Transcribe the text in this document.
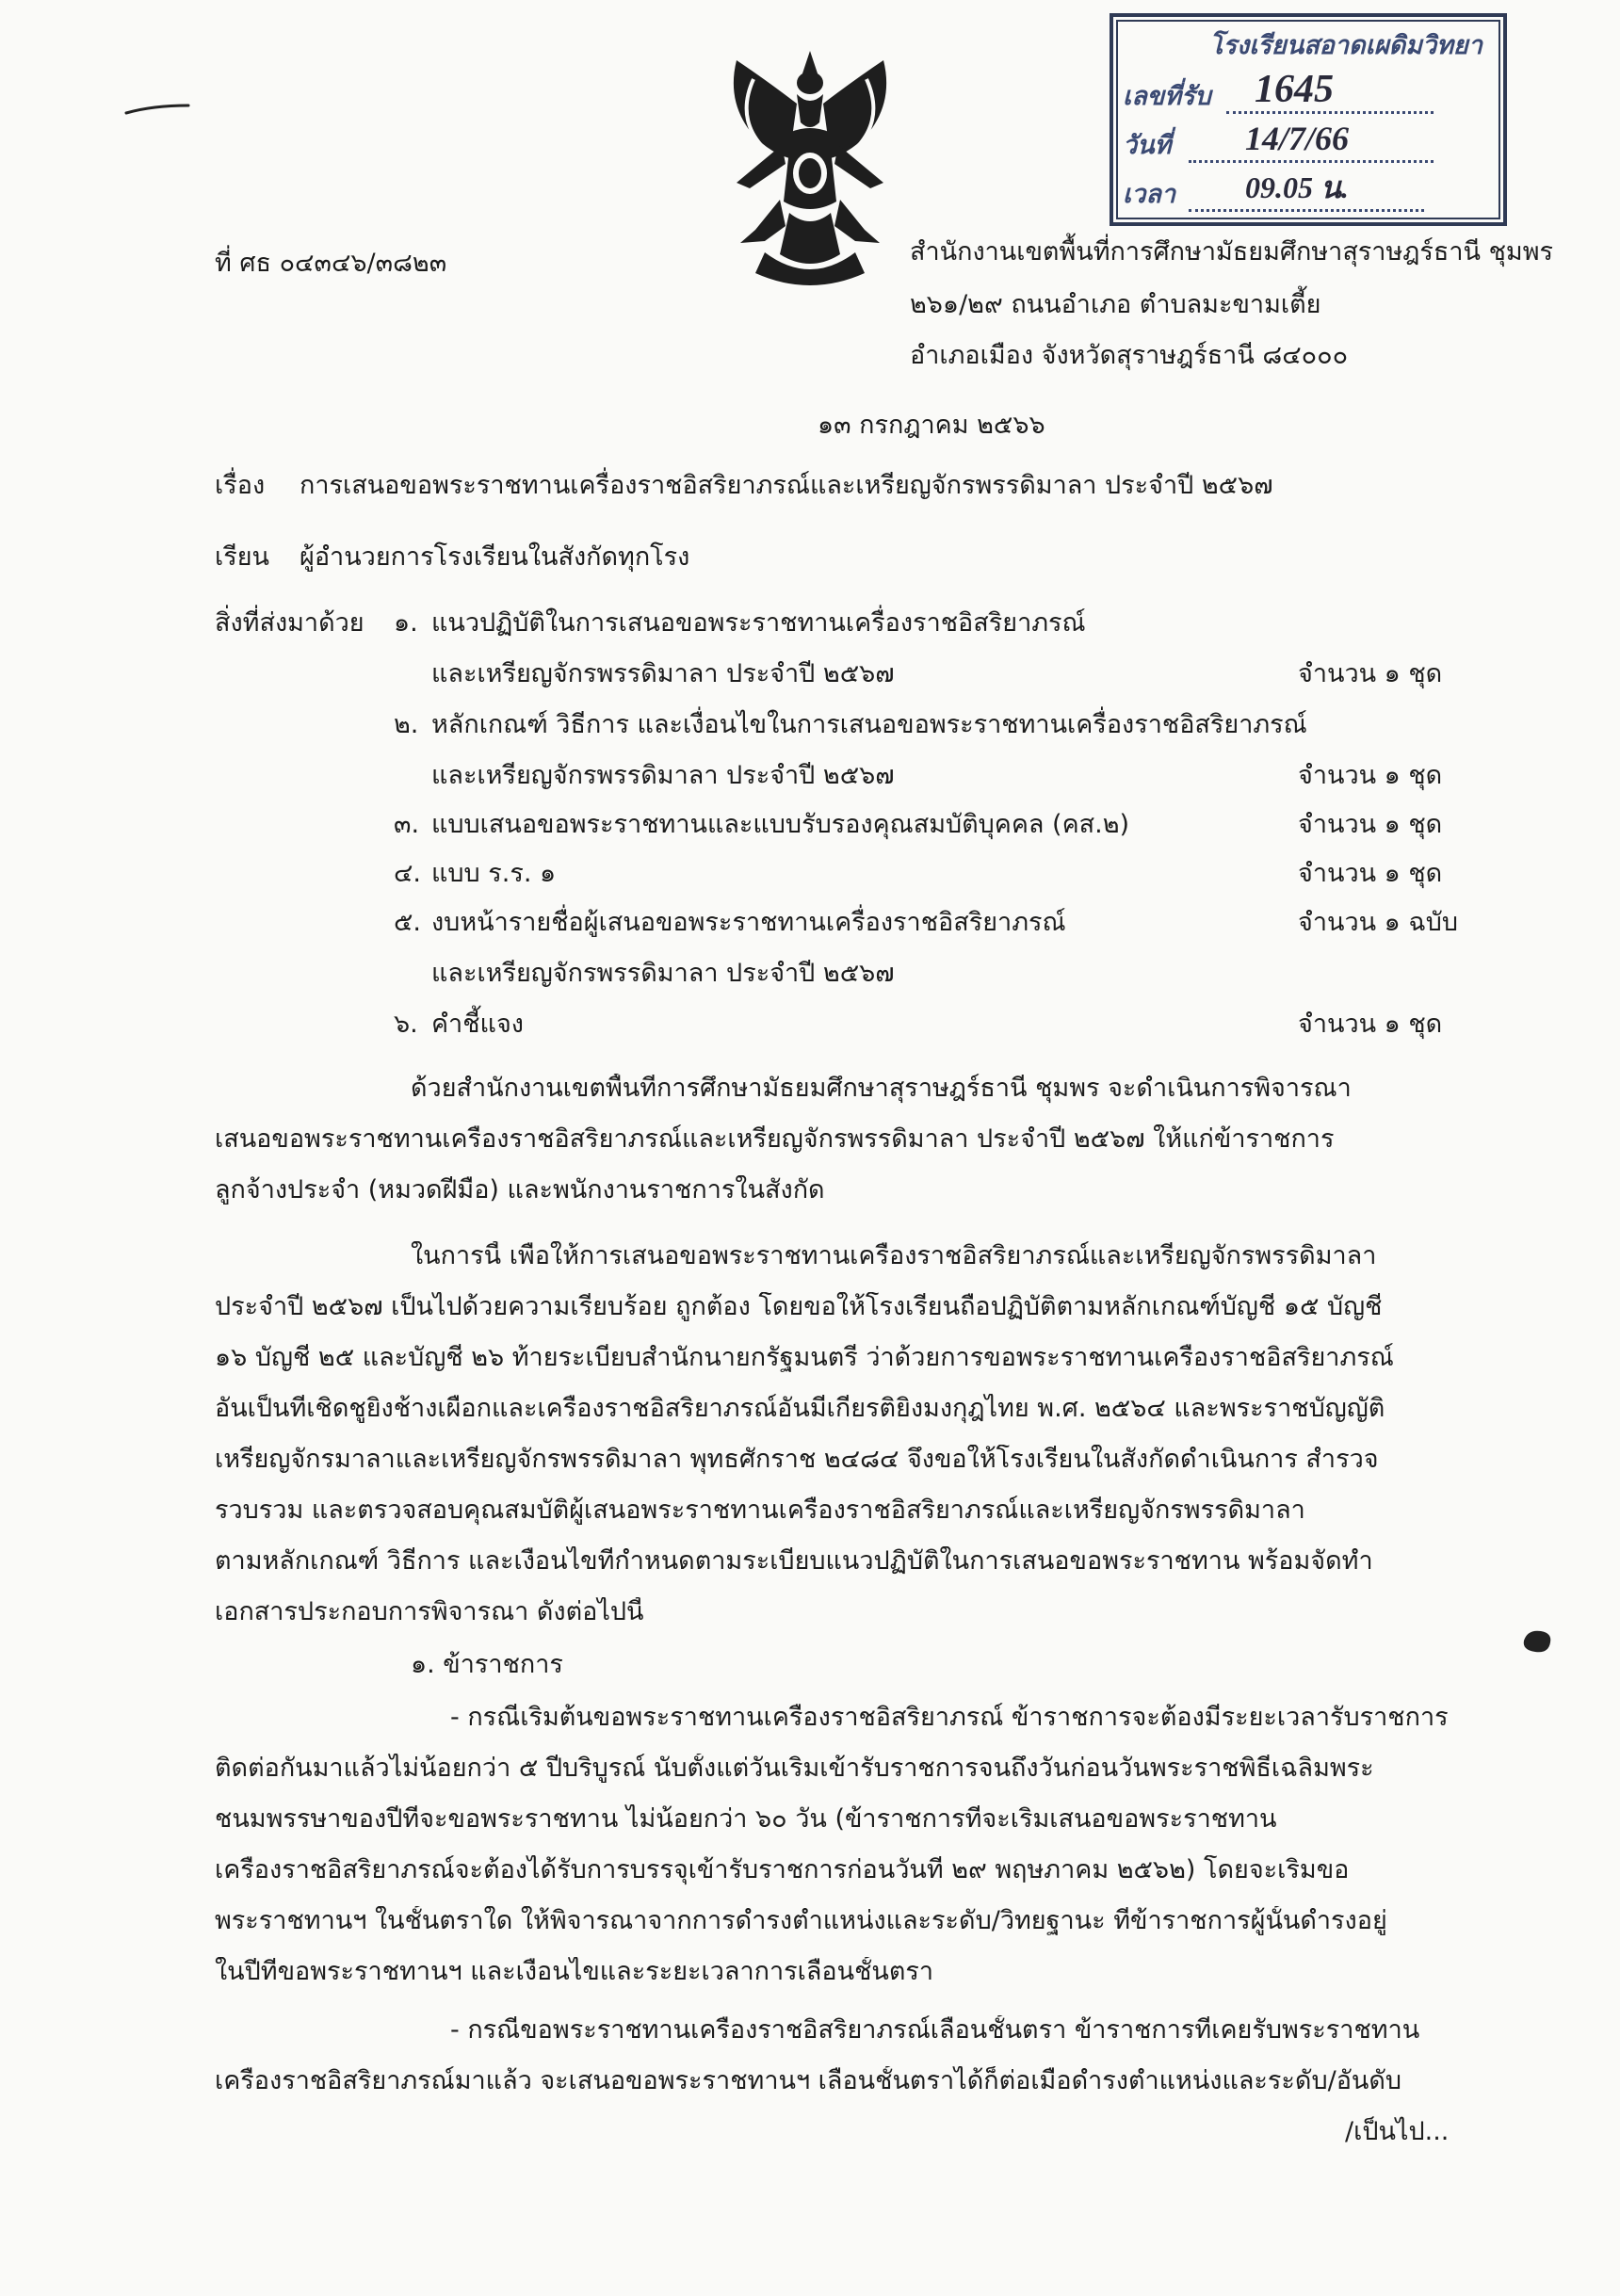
โรงเรียนสอาดเผดิมวิทยา
เลขที่รับ 1645
วันที่ 14/7/66
เวลา 09.05 น.
ที่ ศธ ๐๔๓๔๖/๓๘๒๓	สำนักงานเขตพื้นที่การศึกษามัธยมศึกษาสุราษฎร์ธานี ชุมพร
๒๖๑/๒๙ ถนนอำเภอ ตำบลมะขามเตี้ย
อำเภอเมือง จังหวัดสุราษฎร์ธานี ๘๔๐๐๐
๑๓ กรกฎาคม ๒๕๖๖
เรื่อง การเสนอขอพระราชทานเครื่องราชอิสริยาภรณ์และเหรียญจักรพรรดิมาลา ประจำปี ๒๕๖๗
เรียน ผู้อำนวยการโรงเรียนในสังกัดทุกโรง
สิ่งที่ส่งมาด้วย ๑. แนวปฏิบัติในการเสนอขอพระราชทานเครื่องราชอิสริยาภรณ์
และเหรียญจักรพรรดิมาลา ประจำปี ๒๕๖๗	จำนวน ๑ ชุด
๒. หลักเกณฑ์ วิธีการ และเงื่อนไขในการเสนอขอพระราชทานเครื่องราชอิสริยาภรณ์
และเหรียญจักรพรรดิมาลา ประจำปี ๒๕๖๗	จำนวน ๑ ชุด
๓. แบบเสนอขอพระราชทานและแบบรับรองคุณสมบัติบุคคล (คส.๒)	จำนวน ๑ ชุด
๔. แบบ ร.ร. ๑	จำนวน ๑ ชุด
๕. งบหน้ารายชื่อผู้เสนอขอพระราชทานเครื่องราชอิสริยาภรณ์	จำนวน ๑ ฉบับ
และเหรียญจักรพรรดิมาลา ประจำปี ๒๕๖๗
๖. คำชี้แจง	จำนวน ๑ ชุด
ด้วยสำนักงานเขตพื้นที่การศึกษามัธยมศึกษาสุราษฎร์ธานี ชุมพร จะดำเนินการพิจารณา
เสนอขอพระราชทานเครื่องราชอิสริยาภรณ์และเหรียญจักรพรรดิมาลา ประจำปี ๒๕๖๗ ให้แก่ข้าราชการ
ลูกจ้างประจำ (หมวดฝีมือ) และพนักงานราชการในสังกัด
ในการนี้ เพื่อให้การเสนอขอพระราชทานเครื่องราชอิสริยาภรณ์และเหรียญจักรพรรดิมาลา
ประจำปี ๒๕๖๗ เป็นไปด้วยความเรียบร้อย ถูกต้อง โดยขอให้โรงเรียนถือปฏิบัติตามหลักเกณฑ์บัญชี ๑๕ บัญชี
๑๖ บัญชี ๒๕ และบัญชี ๒๖ ท้ายระเบียบสำนักนายกรัฐมนตรี ว่าด้วยการขอพระราชทานเครื่องราชอิสริยาภรณ์
อันเป็นที่เชิดชูยิ่งช้างเผือกและเครื่องราชอิสริยาภรณ์อันมีเกียรติยิ่งมงกุฎไทย พ.ศ. ๒๕๖๔ และพระราชบัญญัติ
เหรียญจักรมาลาและเหรียญจักรพรรดิมาลา พุทธศักราช ๒๔๘๔ จึงขอให้โรงเรียนในสังกัดดำเนินการ สำรวจ
รวบรวม และตรวจสอบคุณสมบัติผู้เสนอพระราชทานเครื่องราชอิสริยาภรณ์และเหรียญจักรพรรดิมาลา
ตามหลักเกณฑ์ วิธีการ และเงื่อนไขที่กำหนดตามระเบียบแนวปฏิบัติในการเสนอขอพระราชทาน พร้อมจัดทำ
เอกสารประกอบการพิจารณา ดังต่อไปนี้
๑. ข้าราชการ
- กรณีเริ่มต้นขอพระราชทานเครื่องราชอิสริยาภรณ์ ข้าราชการจะต้องมีระยะเวลารับราชการ
ติดต่อกันมาแล้วไม่น้อยกว่า ๕ ปีบริบูรณ์ นับตั้งแต่วันเริ่มเข้ารับราชการจนถึงวันก่อนวันพระราชพิธีเฉลิมพระ
ชนมพรรษาของปีที่จะขอพระราชทาน ไม่น้อยกว่า ๖๐ วัน (ข้าราชการที่จะเริ่มเสนอขอพระราชทาน
เครื่องราชอิสริยาภรณ์จะต้องได้รับการบรรจุเข้ารับราชการก่อนวันที่ ๒๙ พฤษภาคม ๒๕๖๒) โดยจะเริ่มขอ
พระราชทานฯ ในชั้นตราใด ให้พิจารณาจากการดำรงตำแหน่งและระดับ/วิทยฐานะ ที่ข้าราชการผู้นั้นดำรงอยู่
ในปีที่ขอพระราชทานฯ และเงื่อนไขและระยะเวลาการเลื่อนชั้นตรา
- กรณีขอพระราชทานเครื่องราชอิสริยาภรณ์เลื่อนชั้นตรา ข้าราชการที่เคยรับพระราชทาน
เครื่องราชอิสริยาภรณ์มาแล้ว จะเสนอขอพระราชทานฯ เลื่อนชั้นตราได้ก็ต่อเมื่อดำรงตำแหน่งและระดับ/อันดับ
/เป็นไป...
